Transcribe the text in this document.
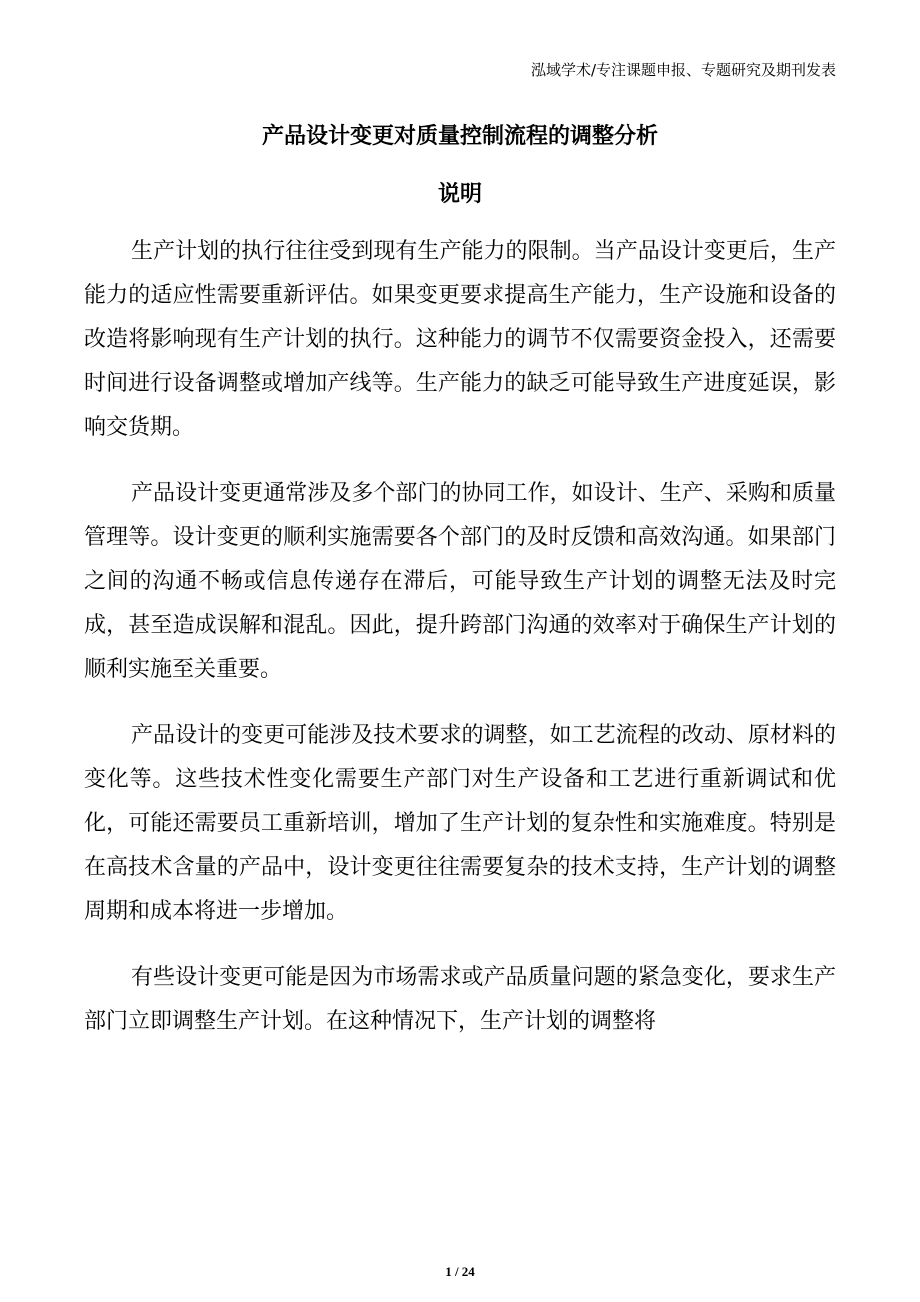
泓域学术/专注课题申报、专题研究及期刊发表
产品设计变更对质量控制流程的调整分析
说明

生产计划的执行往往受到现有生产能力的限制。当产品设计变更后，生产能力的适应性需要重新评估。如果变更要求提高生产能力，生产设施和设备的改造将影响现有生产计划的执行。这种能力的调节不仅需要资金投入，还需要时间进行设备调整或增加产线等。生产能力的缺乏可能导致生产进度延误，影响交货期。

产品设计变更通常涉及多个部门的协同工作，如设计、生产、采购和质量管理等。设计变更的顺利实施需要各个部门的及时反馈和高效沟通。如果部门之间的沟通不畅或信息传递存在滞后，可能导致生产计划的调整无法及时完成，甚至造成误解和混乱。因此，提升跨部门沟通的效率对于确保生产计划的顺利实施至关重要。

产品设计的变更可能涉及技术要求的调整，如工艺流程的改动、原材料的变化等。这些技术性变化需要生产部门对生产设备和工艺进行重新调试和优化，可能还需要员工重新培训，增加了生产计划的复杂性和实施难度。特别是在高技术含量的产品中，设计变更往往需要复杂的技术支持，生产计划的调整周期和成本将进一步增加。

有些设计变更可能是因为市场需求或产品质量问题的紧急变化，要求生产部门立即调整生产计划。在这种情况下，生产计划的调整将

1 / 24
